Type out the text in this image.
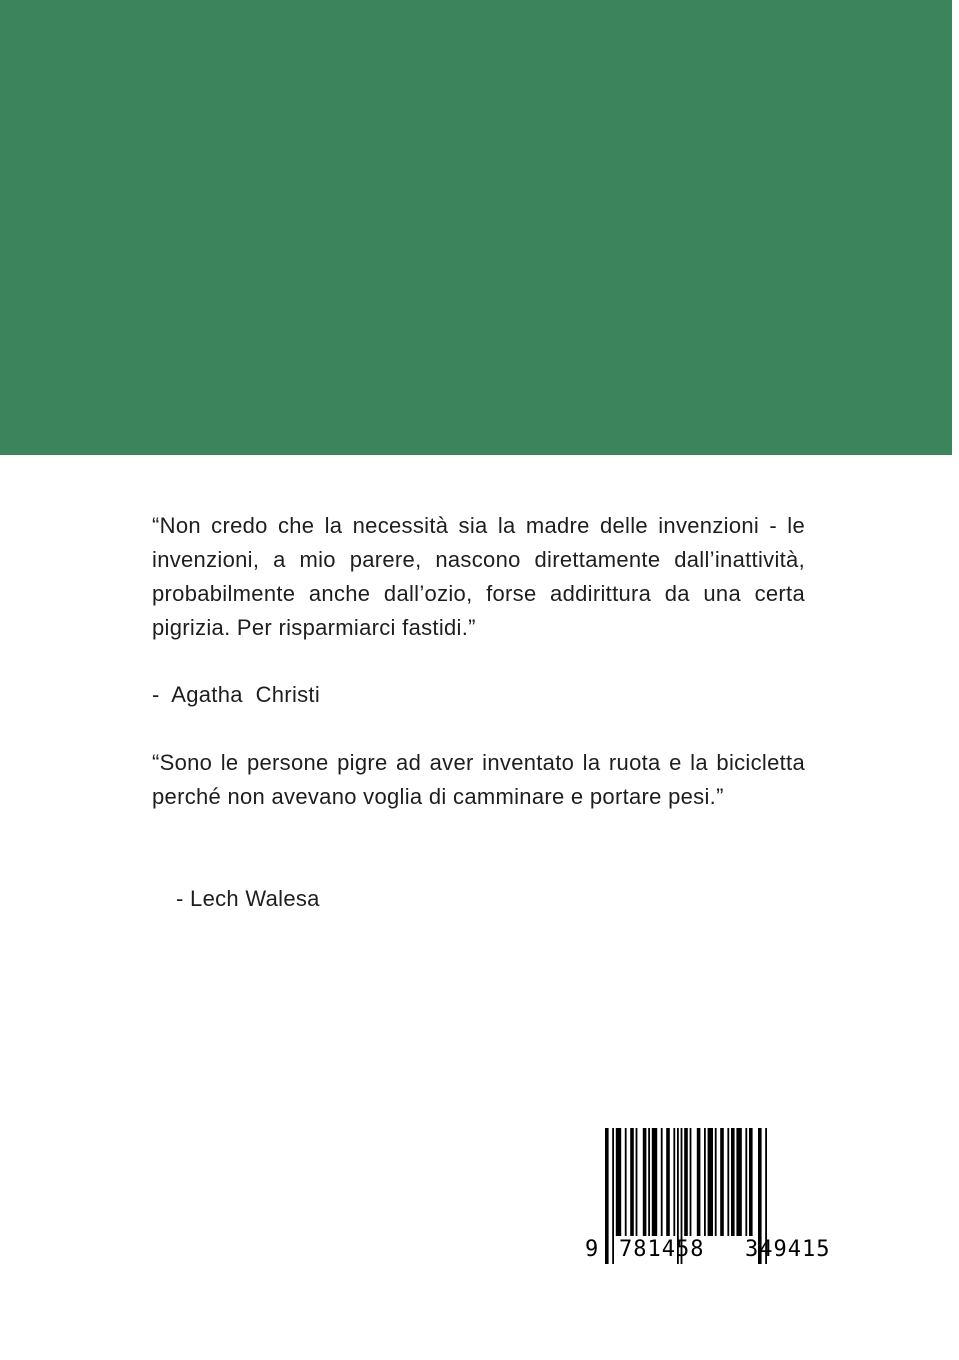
“Non credo che la necessità sia la madre delle invenzioni - le invenzioni, a mio parere, nascono direttamente dall’inattività, probabilmente anche dall’ozio, forse addirittura da una certa pigrizia. Per risparmiarci fastidi.”

-  Agatha  Christi

“Sono le persone pigre ad aver inventato la ruota e la bicicletta perché non avevano voglia di camminare e portare pesi.”

- Lech Walesa

9 781458 349415
